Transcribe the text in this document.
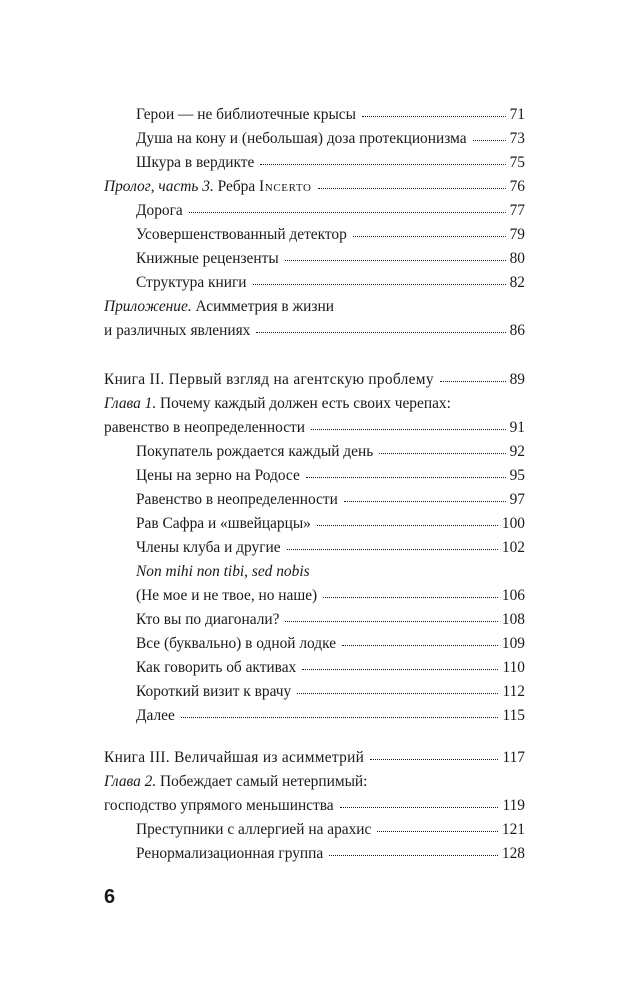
Герои — не библиотечные крысы	71
Душа на кону и (небольшая) доза протекционизма	73
Шкура в вердикте	75
Пролог, часть 3. Ребра Incerto	76
Дорога	77
Усовершенствованный детектор	79
Книжные рецензенты	80
Структура книги	82
Приложение. Асимметрия в жизни
и различных явлениях	86
Книга II. Первый взгляд на агентскую проблему	89
Глава 1. Почему каждый должен есть своих черепах:
равенство в неопределенности	91
Покупатель рождается каждый день	92
Цены на зерно на Родосе	95
Равенство в неопределенности	97
Рав Сафра и «швейцарцы»	100
Члены клуба и другие	102
Non mihi non tibi, sed nobis
(Не мое и не твое, но наше)	106
Кто вы по диагонали?	108
Все (буквально) в одной лодке	109
Как говорить об активах	110
Короткий визит к врачу	112
Далее	115
Книга III. Величайшая из асимметрий	117
Глава 2. Побеждает самый нетерпимый:
господство упрямого меньшинства	119
Преступники с аллергией на арахис	121
Ренормализационная группа	128
6
